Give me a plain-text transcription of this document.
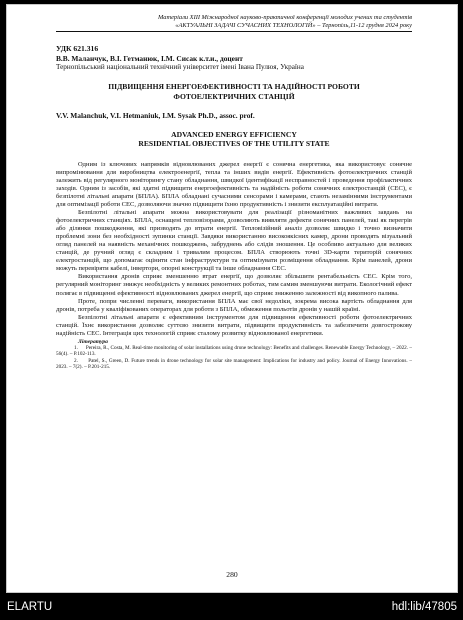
Матеріали XIII Міжнародної науково-практичної конференції молодих учених та студентів
«АКТУАЛЬНІ ЗАДАЧІ СУЧАСНИХ ТЕХНОЛОГІЙ» – Тернопіль,11-12 грудня 2024 року
УДК 621.316
В.В. Маланчук, В.І. Гетманюк, І.М. Сисак к.т.и., доцент
Тернопільський національний технічний університет імені Івана Пулюя, Україна
ПІДВИЩЕННЯ ЕНЕРГОЕФЕКТИВНОСТІ ТА НАДІЙНОСТІ РОБОТИ
ФОТОЕЛЕКТРИЧНИХ СТАНЦІЙ
V.V. Malanchuk, V.I. Hetmaniuk, I.M. Sysak Ph.D., assoc. prof.
ADVANCED ENERGY EFFICIENCY
RESIDENTIAL OBJECTIVES OF THE UTILITY STATE

Одним із ключових напрямків відновлюваних джерел енергії є сонячна енергетика, яка використовує сонячне випромінювання для виробництва електроенергії, тепла та інших видів енергії. Ефективність фотоелектричних станцій залежить від регулярного моніторингу стану обладнання, швидкої ідентифікації несправностей і проведення профілактичних заходів. Одним із засобів, які здатні підвищити енергоефективність та надійність роботи сонячних електростанцій (СЕС), є безпілотні літальні апарати (БПЛА). БПЛА обладнані сучасними сенсорами і камерами, стають незамінними інструментами для оптимізації роботи СЕС, дозволяючи значно підвищити їхню продуктивність і знизити експлуатаційні витрати.

Безпілотні літальні апарати можна використовувати для реалізації різноманітних важливих завдань на фотоелектричних станціях. БПЛА, оснащені тепловізорами, дозволяють виявляти дефекти сонячних панелей, такі як перегрів або ділянки пошкодження, які призводять до втрати енергії. Тепловізійний аналіз дозволяє швидко і точно визначити проблемні зони без необхідності зупинки станції. Завдяки використанню високоякісних камер, дрони проводять візуальний огляд панелей на наявність механічних пошкоджень, забруднень або слідів зношення. Це особливо актуально для великих станцій, де ручний огляд є складним і тривалим процесом. БПЛА створюють точні 3D-карти територій сонячних електростанцій, що допомагає оцінити стан інфраструктури та оптимізувати розміщення обладнання. Крім панелей, дрони можуть перевіряти кабелі, інвертори, опорні конструкції та інше обладнання СЕС.

Використання дронів сприяє зменшенню втрат енергії, що дозволяє збільшити рентабельність СЕС. Крім того, регулярний моніторинг знижує необхідність у великих ремонтних роботах, тим самим зменшуючи витрати. Екологічний ефект полягає в підвищенні ефективності відновлюваних джерел енергії, що сприяє зниженню залежності від викопного палива.

Проте, попри численні переваги, використання БПЛА має свої недоліки, зокрема висока вартість обладнання для дронів, потреба у кваліфікованих операторах для роботи з БПЛА, обмеження польотів дронів у нашій країні.

Безпілотні літальні апарати є ефективним інструментом для підвищення ефективності роботи фотоелектричних станцій. Їхнє використання дозволяє суттєво знизити витрати, підвищити продуктивність та забезпечити довгострокову надійність СЕС. Інтеграція цих технологій сприяє сталому розвитку відновлюваної енергетики.

Література
1.      Pereira, R., Costa, M. Real-time monitoring of solar installations using drone technology: Benefits and challenges. Renewable Energy Technology, – 2022. –56(4). – P.102-113.
2.      Patel, S., Green, D. Future trends in drone technology for solar site management: Implications for industry and policy. Journal of Energy Innovations. – 2023. – 7(2). – P.201-215.
280
ELARTU	hdl:lib/47805
